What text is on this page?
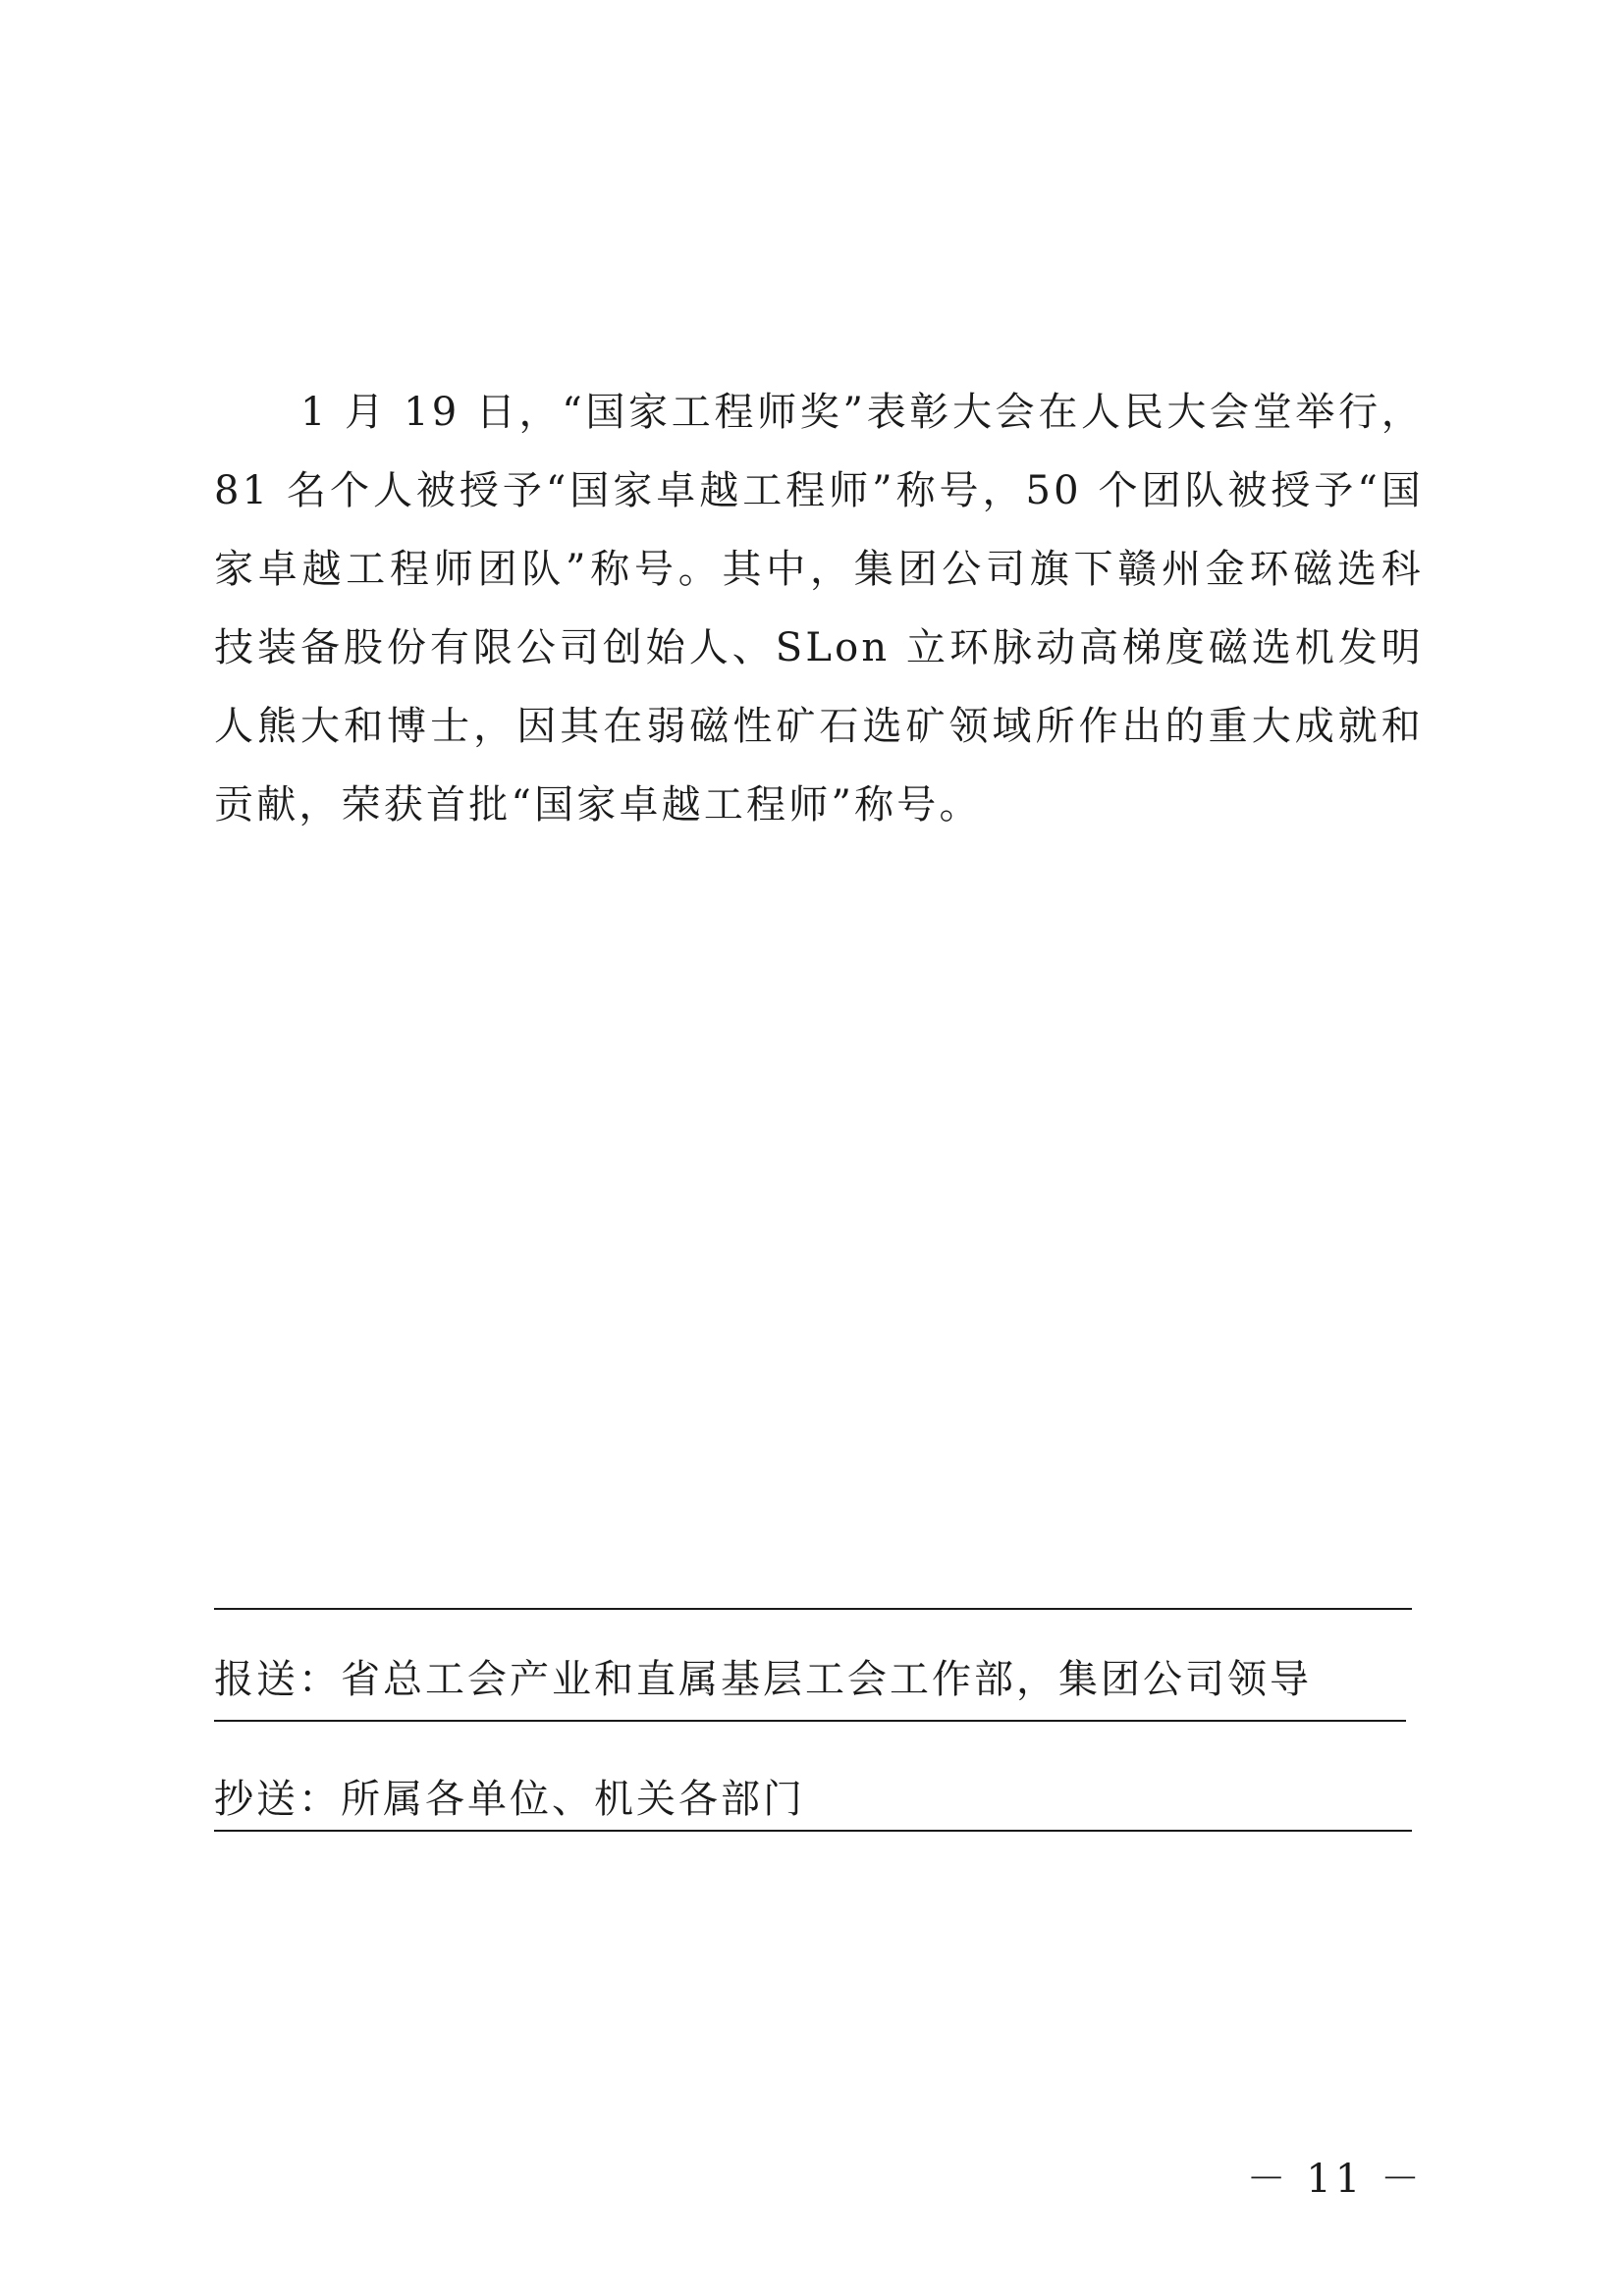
1 月 19 日，“国家工程师奖”表彰大会在人民大会堂举行，
81 名个人被授予“国家卓越工程师”称号，50 个团队被授予“国
家卓越工程师团队”称号。其中，集团公司旗下赣州金环磁选科
技装备股份有限公司创始人、SLon 立环脉动高梯度磁选机发明
人熊大和博士，因其在弱磁性矿石选矿领域所作出的重大成就和
贡献，荣获首批“国家卓越工程师”称号。
报送：省总工会产业和直属基层工会工作部，集团公司领导
抄送：所属各单位、机关各部门
－ 11 －
